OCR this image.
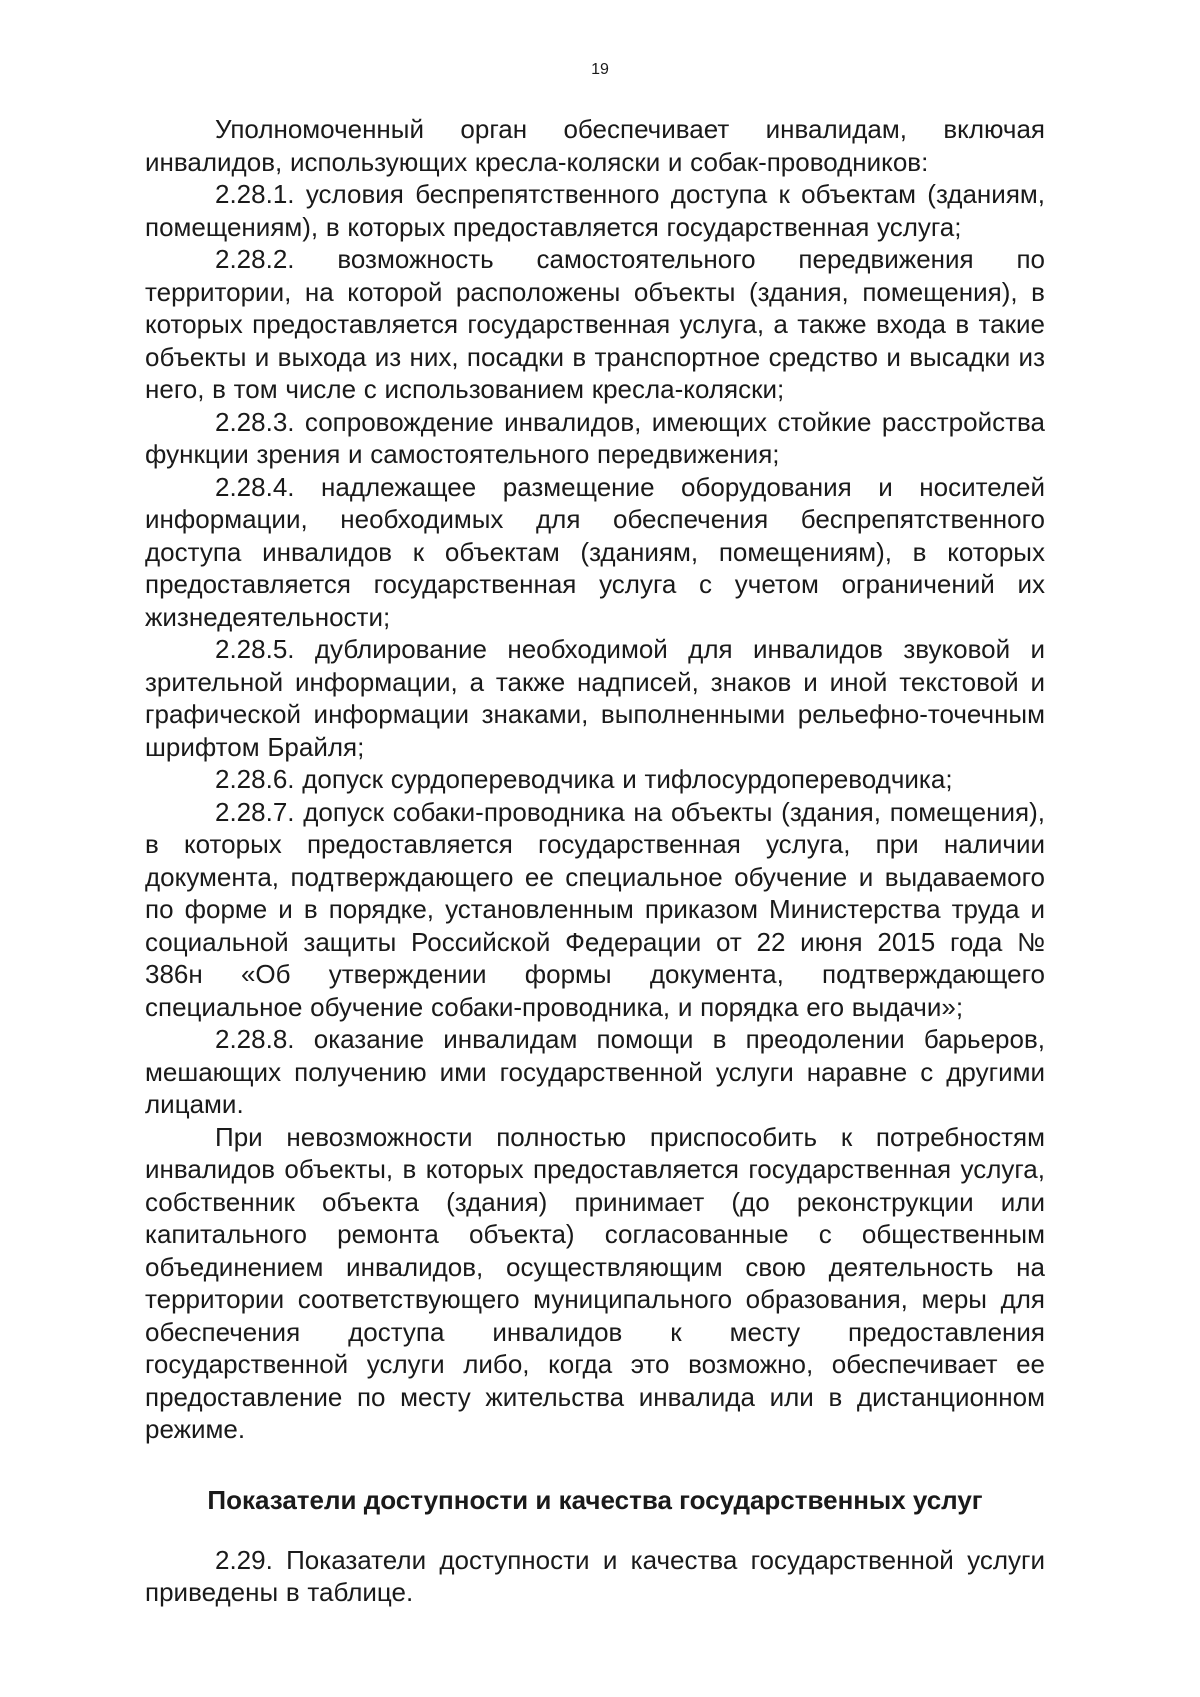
19

Уполномоченный орган обеспечивает инвалидам, включая инвалидов, использующих кресла-коляски и собак-проводников:

2.28.1. условия беспрепятственного доступа к объектам (зданиям, помещениям), в которых предоставляется государственная услуга;

2.28.2. возможность самостоятельного передвижения по территории, на которой расположены объекты (здания, помещения), в которых предоставляется государственная услуга, а также входа в такие объекты и выхода из них, посадки в транспортное средство и высадки из него, в том числе с использованием кресла-коляски;

2.28.3. сопровождение инвалидов, имеющих стойкие расстройства функции зрения и самостоятельного передвижения;

2.28.4. надлежащее размещение оборудования и носителей информации, необходимых для обеспечения беспрепятственного доступа инвалидов к объектам (зданиям, помещениям), в которых предоставляется государственная услуга с учетом ограничений их жизнедеятельности;

2.28.5. дублирование необходимой для инвалидов звуковой и зрительной информации, а также надписей, знаков и иной текстовой и графической информации знаками, выполненными рельефно-точечным шрифтом Брайля;

2.28.6. допуск сурдопереводчика и тифлосурдопереводчика;

2.28.7. допуск собаки-проводника на объекты (здания, помещения), в которых предоставляется государственная услуга, при наличии документа, подтверждающего ее специальное обучение и выдаваемого по форме и в порядке, установленным приказом Министерства труда и социальной защиты Российской Федерации от 22 июня 2015 года № 386н «Об утверждении формы документа, подтверждающего специальное обучение собаки-проводника, и порядка его выдачи»;

2.28.8. оказание инвалидам помощи в преодолении барьеров, мешающих получению ими государственной услуги наравне с другими лицами.

При невозможности полностью приспособить к потребностям инвалидов объекты, в которых предоставляется государственная услуга, собственник объекта (здания) принимает (до реконструкции или капитального ремонта объекта) согласованные с общественным объединением инвалидов, осуществляющим свою деятельность на территории соответствующего муниципального образования, меры для обеспечения доступа инвалидов к месту предоставления государственной услуги либо, когда это возможно, обеспечивает ее предоставление по месту жительства инвалида или в дистанционном режиме.

Показатели доступности и качества государственных услуг

2.29. Показатели доступности и качества государственной услуги приведены в таблице.
